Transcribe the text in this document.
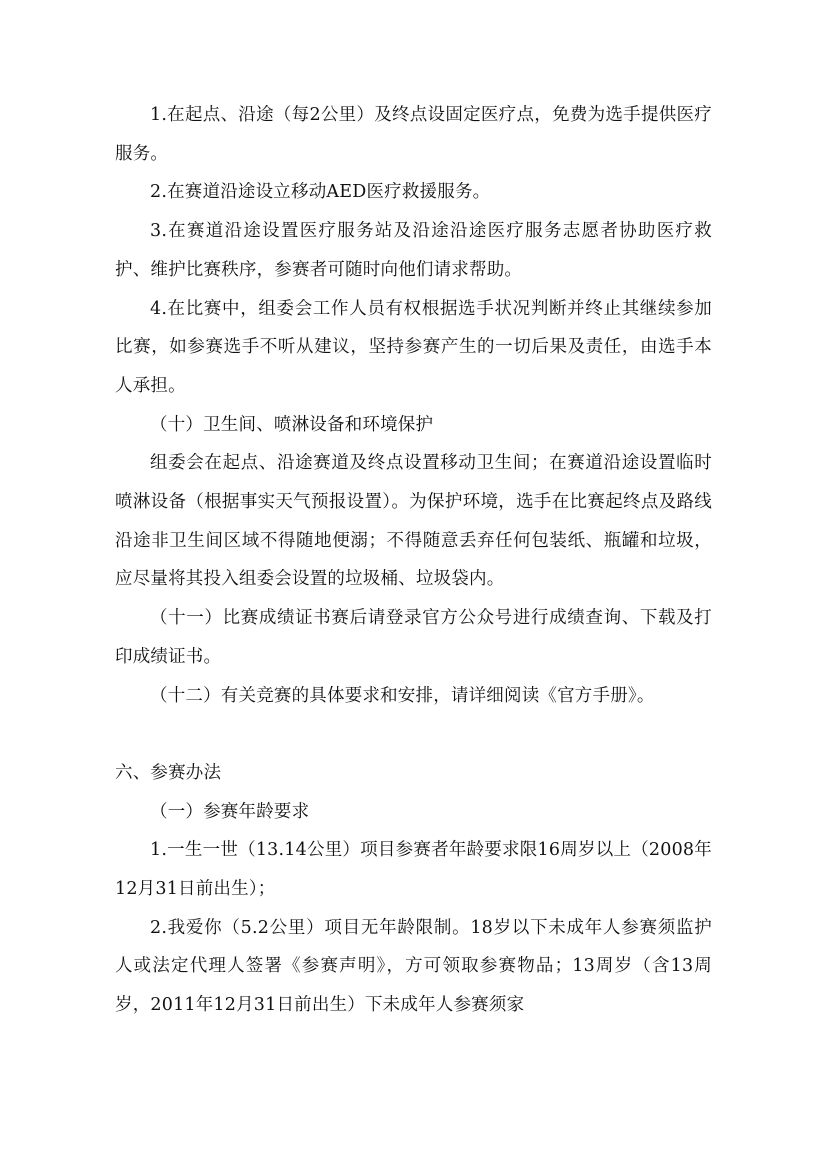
1.在起点、沿途（每2公里）及终点设固定医疗点，免费为选手提供医疗服务。

2.在赛道沿途设立移动AED医疗救援服务。

3.在赛道沿途设置医疗服务站及沿途沿途医疗服务志愿者协助医疗救护、维护比赛秩序，参赛者可随时向他们请求帮助。

4.在比赛中，组委会工作人员有权根据选手状况判断并终止其继续参加比赛，如参赛选手不听从建议，坚持参赛产生的一切后果及责任，由选手本人承担。

（十）卫生间、喷淋设备和环境保护

组委会在起点、沿途赛道及终点设置移动卫生间；在赛道沿途设置临时喷淋设备（根据事实天气预报设置）。为保护环境，选手在比赛起终点及路线沿途非卫生间区域不得随地便溺；不得随意丢弃任何包装纸、瓶罐和垃圾，应尽量将其投入组委会设置的垃圾桶、垃圾袋内。

（十一）比赛成绩证书赛后请登录官方公众号进行成绩查询、下载及打印成绩证书。

（十二）有关竞赛的具体要求和安排，请详细阅读《官方手册》。

六、参赛办法

（一）参赛年龄要求

1.一生一世（13.14公里）项目参赛者年龄要求限16周岁以上（2008年12月31日前出生）；

2.我爱你（5.2公里）项目无年龄限制。18岁以下未成年人参赛须监护人或法定代理人签署《参赛声明》，方可领取参赛物品；13周岁（含13周岁，2011年12月31日前出生）下未成年人参赛须家
